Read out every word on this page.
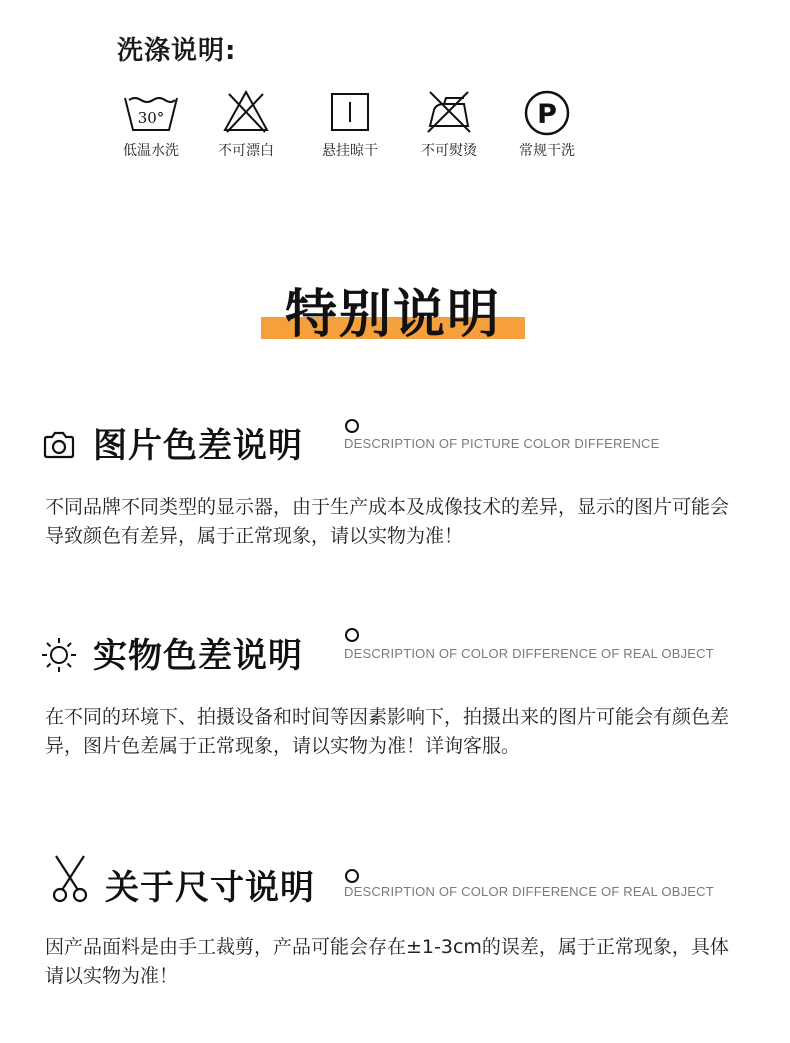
洗涤说明:
30°
低温水洗	不可漂白	悬挂晾干	不可熨烫
P
常规干洗
特别说明
图片色差说明	DESCRIPTION OF PICTURE COLOR DIFFERENCE
不同品牌不同类型的显示器，由于生产成本及成像技术的差异，显示的图片可能会导致颜色有差异，属于正常现象，请以实物为准！
实物色差说明	DESCRIPTION OF COLOR DIFFERENCE OF REAL OBJECT
在不同的环境下、拍摄设备和时间等因素影响下，拍摄出来的图片可能会有颜色差异，图片色差属于正常现象，请以实物为准！详询客服。
关于尺寸说明 DESCRIPTION OF COLOR DIFFERENCE OF REAL OBJECT
因产品面料是由手工裁剪，产品可能会存在±1-3cm的误差，属于正常现象，具体请以实物为准！
